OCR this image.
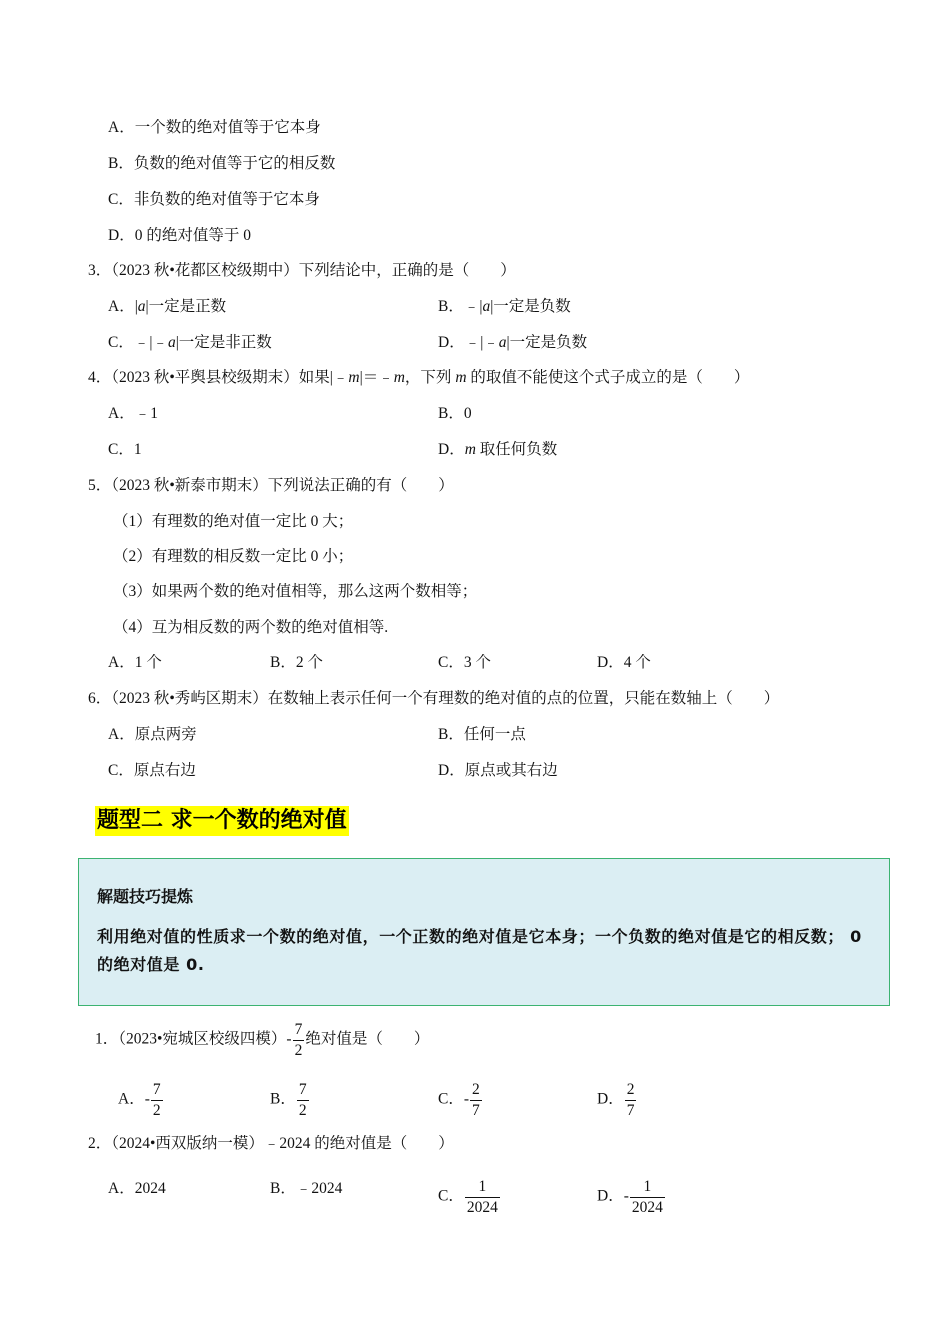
A．一个数的绝对值等于它本身
B．负数的绝对值等于它的相反数
C．非负数的绝对值等于它本身
D．0 的绝对值等于 0
3．（2023 秋•花都区校级期中）下列结论中，正确的是（　　）
A．|a|一定是正数	B．﹣|a|一定是负数
C．﹣|﹣a|一定是非正数	D．﹣|﹣a|一定是负数
4．（2023 秋•平舆县校级期末）如果|﹣m|＝﹣m，下列 m 的取值不能使这个式子成立的是（　　）
A．﹣1	B．0
C．1	D．m 取任何负数
5．（2023 秋•新泰市期末）下列说法正确的有（　　）
（1）有理数的绝对值一定比 0 大；
（2）有理数的相反数一定比 0 小；
（3）如果两个数的绝对值相等，那么这两个数相等；
（4）互为相反数的两个数的绝对值相等.
A．1 个	B．2 个	C．3 个	D．4 个
6．（2023 秋•秀屿区期末）在数轴上表示任何一个有理数的绝对值的点的位置，只能在数轴上（　　）
A．原点两旁	B．任何一点
C．原点右边	D．原点或其右边
题型二 求一个数的绝对值
解题技巧提炼
利用绝对值的性质求一个数的绝对值，一个正数的绝对值是它本身；一个负数的绝对值是它的相反数； 0 的绝对值是 0.
1．（2023•宛城区校级四模）- $\frac{7}{2}$ 绝对值是（　　）
A．- $\frac{7}{2}$	B． $\frac{7}{2}$	C．- $\frac{2}{7}$	D． $\frac{2}{7}$
2．（2024•西双版纳一模）﹣2024 的绝对值是（　　）
A．2024	B．﹣2024	C． $\frac{1}{2024}$	D．- $\frac{1}{2024}$
